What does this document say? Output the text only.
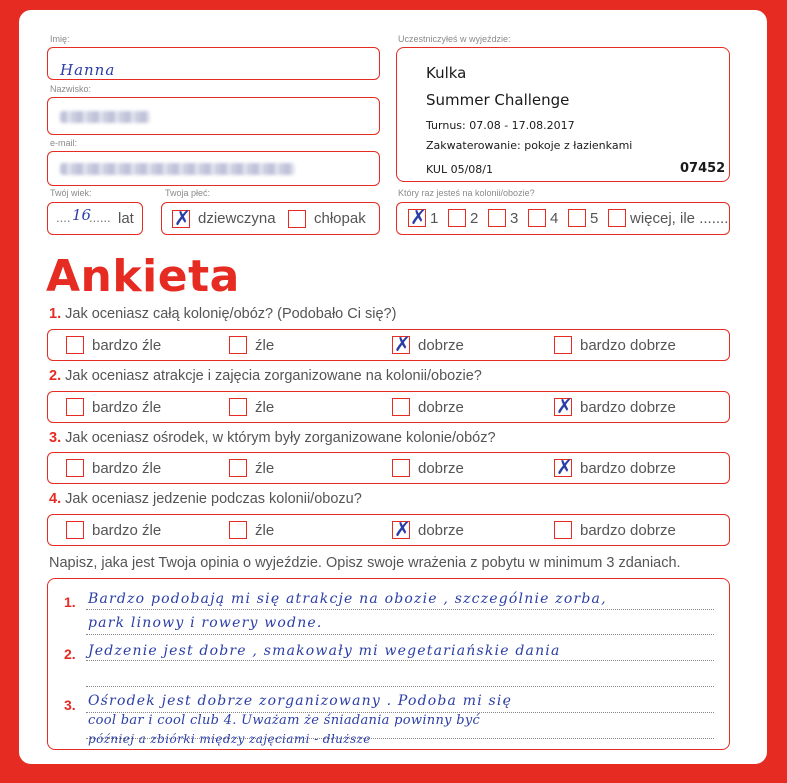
Imię:
Hanna
Nazwisko:
e-mail:
Twój wiek:
.... 16
...... lat
Twoja płeć:
✗
dziewczyna	chłopak
Uczestniczyłeś w wyjeździe:
Kulka
Summer Challenge
Turnus: 07.08 - 17.08.2017
Zakwaterowanie: pokoje z łazienkami
KUL 05/08/1	07452
Który raz jesteś na kolonii/obozie?
✗
1 2 3 4 5 więcej, ile .......
Ankieta
1. Jak oceniasz całą kolonię/obóz? (Podobało Ci się?)
bardzo źle	źle ✗	dobrze	bardzo dobrze
2. Jak oceniasz atrakcje i zajęcia zorganizowane na kolonii/obozie?
bardzo źle	źle	dobrze ✗	bardzo dobrze
3. Jak oceniasz ośrodek, w którym były zorganizowane kolonie/obóz?
bardzo źle	źle	dobrze ✗	bardzo dobrze
4. Jak oceniasz jedzenie podczas kolonii/obozu?
bardzo źle	źle ✗	dobrze	bardzo dobrze
Napisz, jaka jest Twoja opinia o wyjeździe. Opisz swoje wrażenia z pobytu w minimum 3 zdaniach.
1.
2.
3.
Bardzo podobają mi się atrakcje na obozie , szczególnie zorba,
park linowy i rowery wodne.
Jedzenie jest dobre , smakowały mi wegetariańskie dania
Ośrodek jest dobrze zorganizowany . Podoba mi się
cool bar i cool club 4. Uważam że śniadania powinny być
później a zbiórki między zajęciami - dłuższe
